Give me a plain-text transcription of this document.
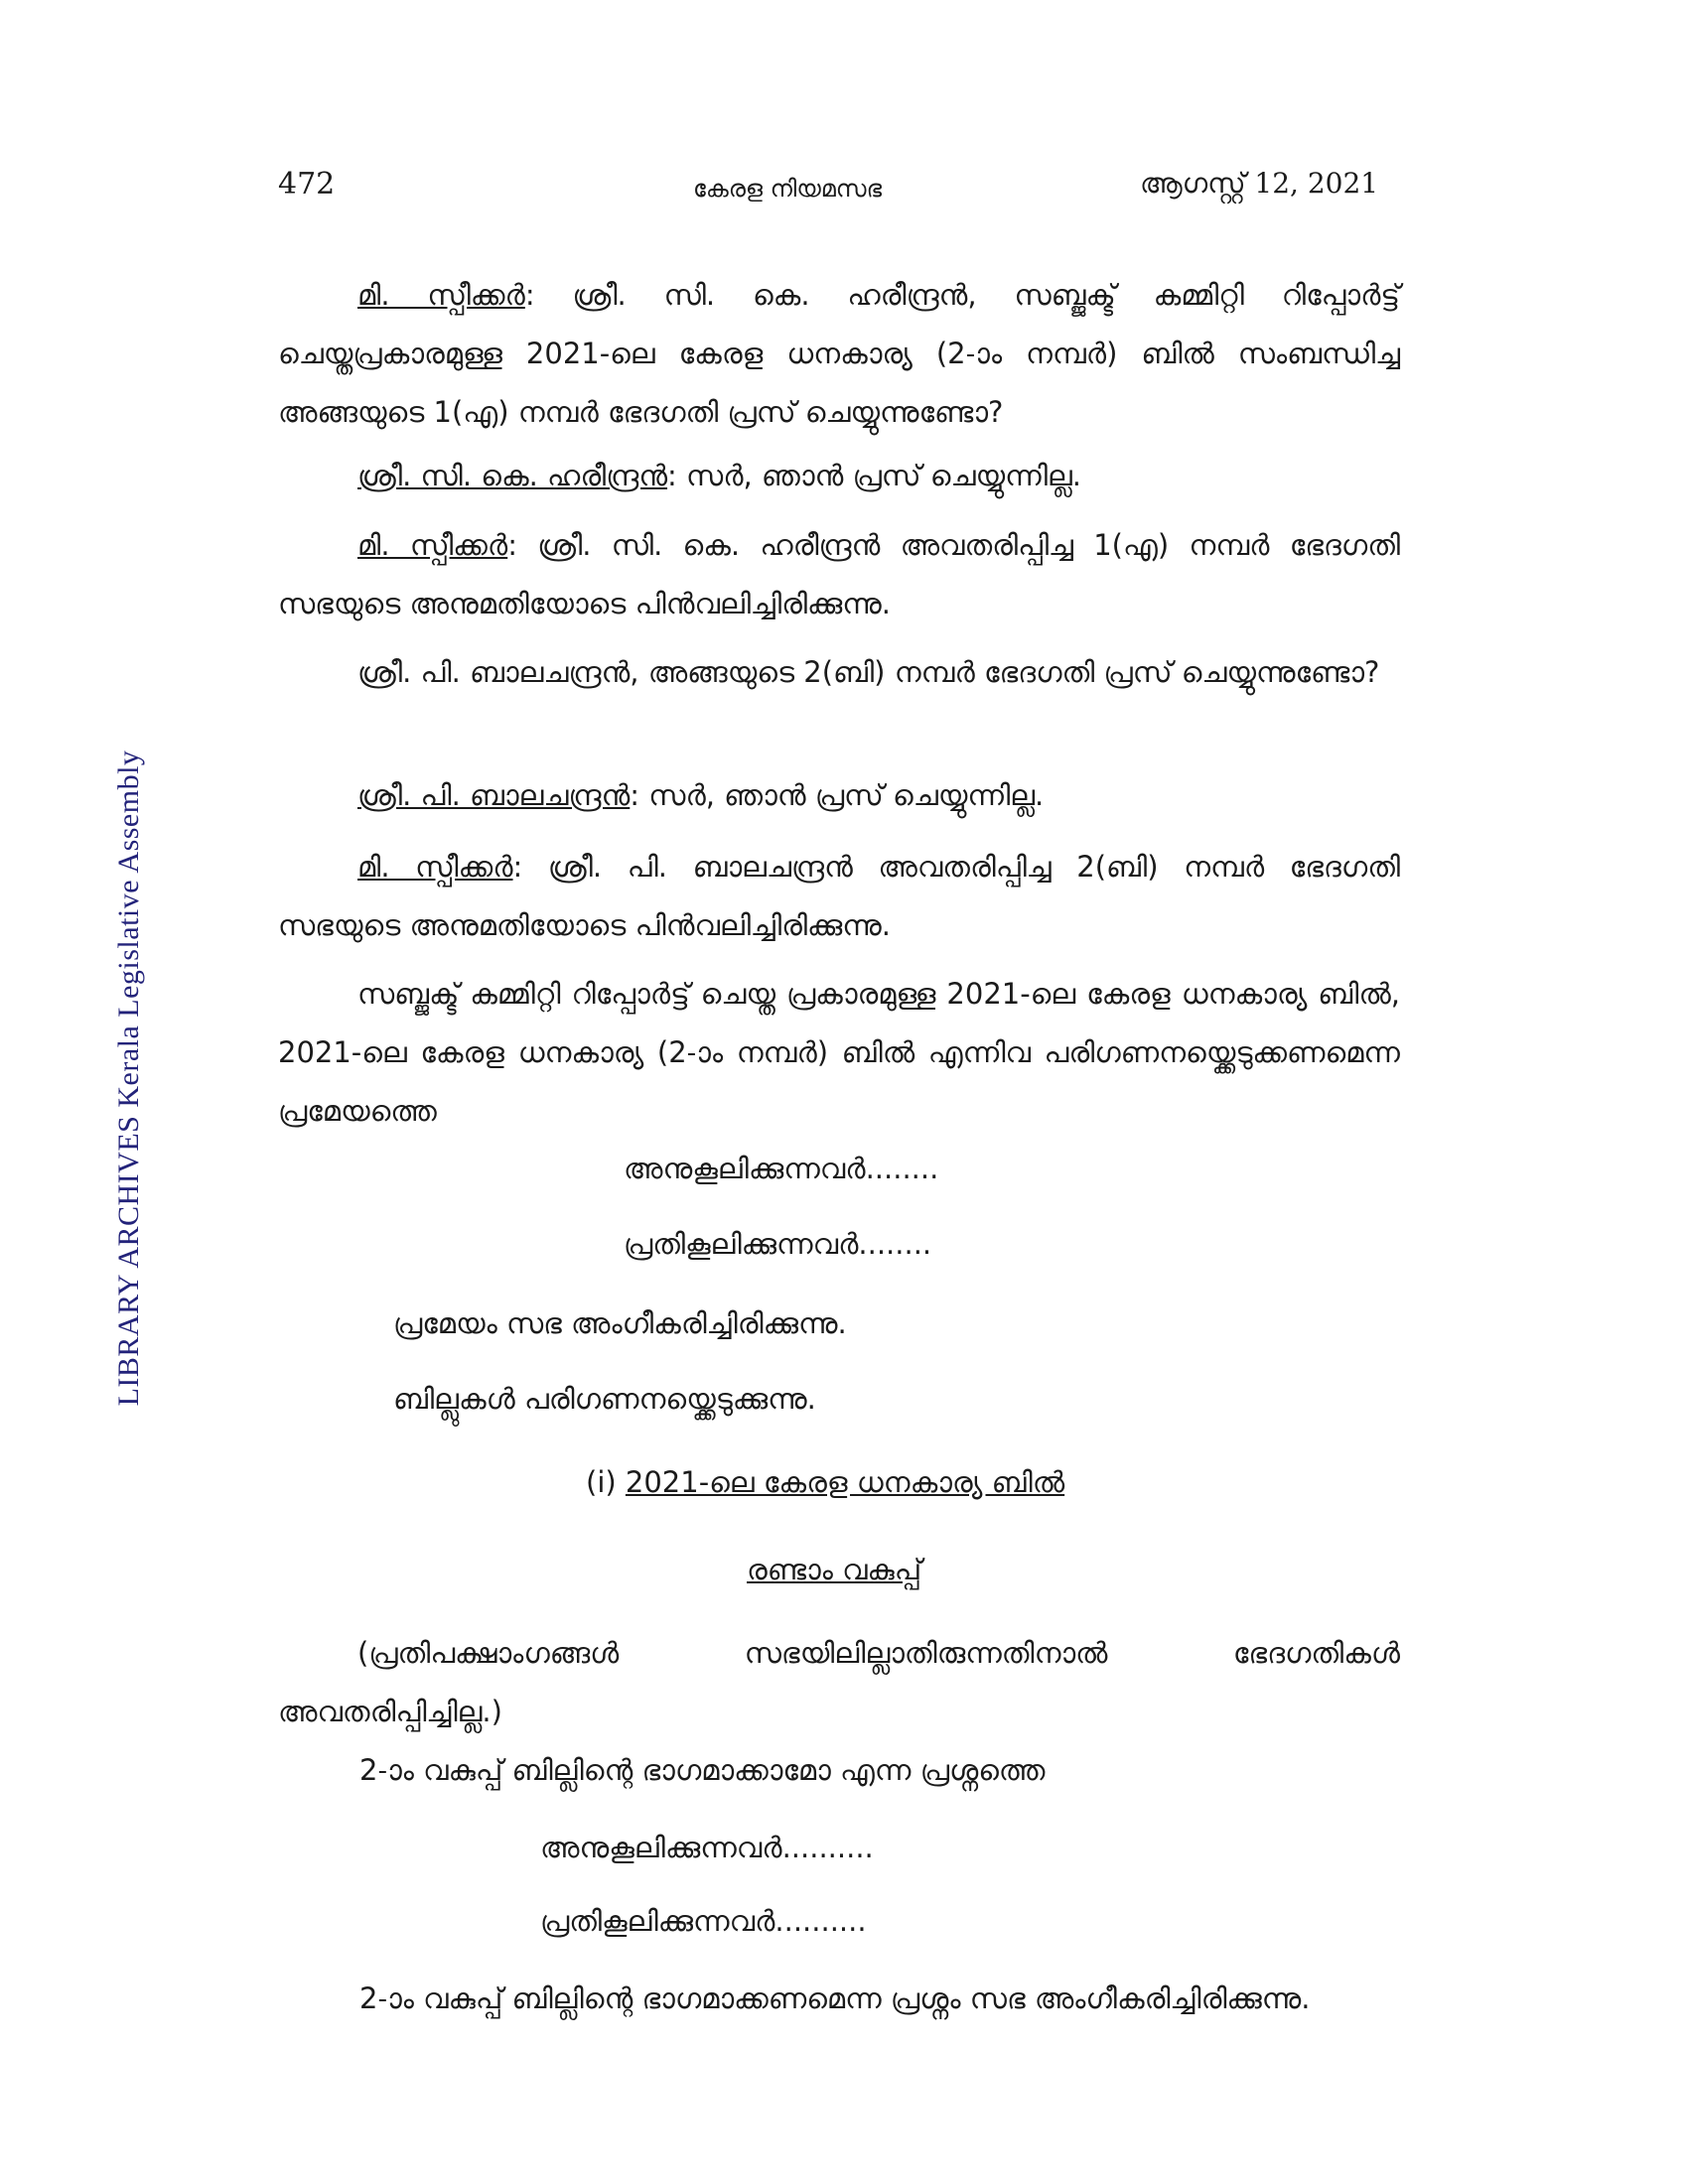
472	കേരള നിയമസഭ	ആഗസ്റ്റ് 12, 2021
LIBRARY ARCHIVES Kerala Legislative Assembly
മി. സ്പീക്കർ: ശ്രീ. സി. കെ. ഹരീന്ദ്രൻ, സബ്ജക്ട് കമ്മിറ്റി റിപ്പോർട്ട് ചെയ്തപ്രകാരമുള്ള 2021-ലെ കേരള ധനകാര്യ (2-ാം നമ്പർ) ബിൽ സംബന്ധിച്ച അങ്ങയുടെ 1(എ) നമ്പർ ഭേദഗതി പ്രസ് ചെയ്യുന്നുണ്ടോ?
ശ്രീ. സി. കെ. ഹരീന്ദ്രൻ: സർ, ഞാൻ പ്രസ് ചെയ്യുന്നില്ല.
മി. സ്പീക്കർ: ശ്രീ. സി. കെ. ഹരീന്ദ്രൻ അവതരിപ്പിച്ച 1(എ) നമ്പർ ഭേദഗതി സഭയുടെ അനുമതിയോടെ പിൻവലിച്ചിരിക്കുന്നു.
ശ്രീ. പി. ബാലചന്ദ്രൻ, അങ്ങയുടെ 2(ബി) നമ്പർ ഭേദഗതി പ്രസ് ചെയ്യുന്നുണ്ടോ?
ശ്രീ. പി. ബാലചന്ദ്രൻ: സർ, ഞാൻ പ്രസ് ചെയ്യുന്നില്ല.
മി. സ്പീക്കർ: ശ്രീ. പി. ബാലചന്ദ്രൻ അവതരിപ്പിച്ച 2(ബി) നമ്പർ ഭേദഗതി സഭയുടെ അനുമതിയോടെ പിൻവലിച്ചിരിക്കുന്നു.
സബ്ജക്ട് കമ്മിറ്റി റിപ്പോർട്ട് ചെയ്ത പ്രകാരമുള്ള 2021-ലെ കേരള ധനകാര്യ ബിൽ, 2021-ലെ കേരള ധനകാര്യ (2-ാം നമ്പർ) ബിൽ എന്നിവ പരിഗണനയ്ക്കെടുക്കണമെന്ന പ്രമേയത്തെ
അനുകൂലിക്കുന്നവർ........
പ്രതികൂലിക്കുന്നവർ........
പ്രമേയം സഭ അംഗീകരിച്ചിരിക്കുന്നു.
ബില്ലുകൾ പരിഗണനയ്ക്കെടുക്കുന്നു.
(i) 2021-ലെ കേരള ധനകാര്യ ബിൽ
രണ്ടാം വകുപ്പ്
(പ്രതിപക്ഷാംഗങ്ങൾ സഭയിലില്ലാതിരുന്നതിനാൽ ഭേദഗതികൾ അവതരിപ്പിച്ചില്ല.)
2-ാം വകുപ്പ് ബില്ലിന്റെ ഭാഗമാക്കാമോ എന്ന പ്രശ്നത്തെ
അനുകൂലിക്കുന്നവർ..........
പ്രതികൂലിക്കുന്നവർ..........
2-ാം വകുപ്പ് ബില്ലിന്റെ ഭാഗമാക്കണമെന്ന പ്രശ്നം സഭ അംഗീകരിച്ചിരിക്കുന്നു.
